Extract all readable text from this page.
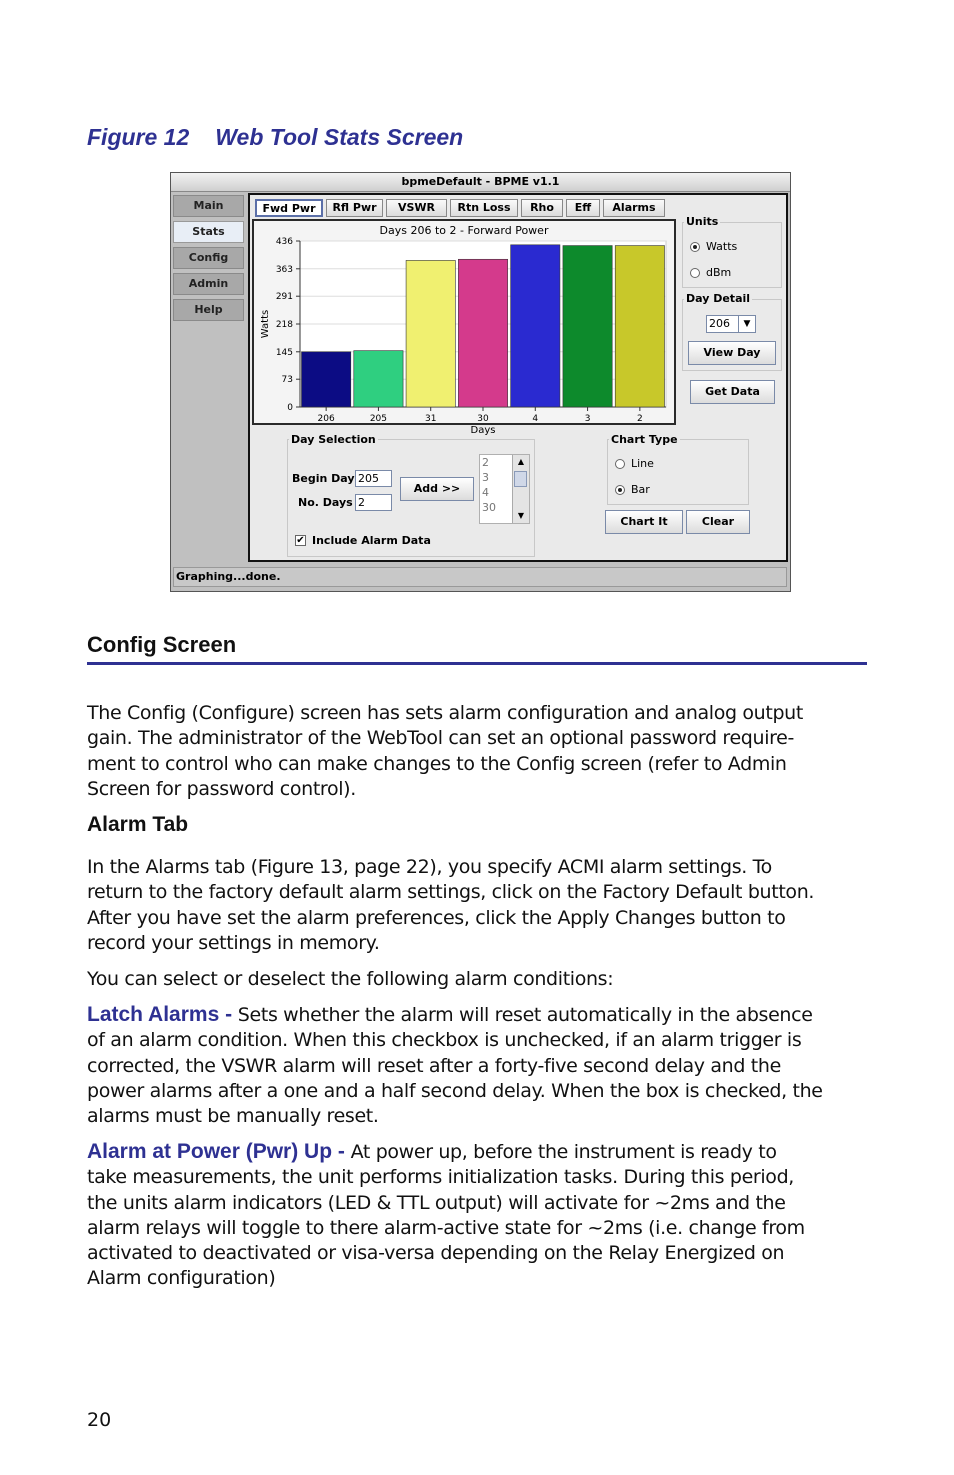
Figure 12 Web Tool Stats Screen
bpmeDefault - BPME v1.1
Main
Stats
Config
Admin
Help
Fwd Pwr	Rfl Pwr	VSWR	Rtn Loss	Rho	Eff	Alarms
Days 206 to 2 - Forward Power
0
73
145
218
291
363
436
206	205	31	30	4	3	2
Days
Watts
Units
Watts
dBm
Day Detail
206	▼
View Day
Get Data
Day Selection
Begin Day 205
No. Days 2
Add >>
2
3
4
30
▲
▼
✔ Include Alarm Data
Chart Type
Line
Bar
Chart It	Clear
Graphing...done.
Config Screen
The Config (Configure) screen has sets alarm configuration and analog output
gain. The administrator of the WebTool can set an optional password require-
ment to control who can make changes to the Config screen (refer to Admin
Screen for password control).
Alarm Tab
In the Alarms tab (Figure 13, page 22), you specify ACMI alarm settings. To
return to the factory default alarm settings, click on the Factory Default button.
After you have set the alarm preferences, click the Apply Changes button to
record your settings in memory.
You can select or deselect the following alarm conditions:
Latch Alarms - Sets whether the alarm will reset automatically in the absence
of an alarm condition. When this checkbox is unchecked, if an alarm trigger is
corrected, the VSWR alarm will reset after a forty-five second delay and the
power alarms after a one and a half second delay. When the box is checked, the
alarms must be manually reset.
Alarm at Power (Pwr) Up - At power up, before the instrument is ready to
take measurements, the unit performs initialization tasks. During this period,
the units alarm indicators (LED & TTL output) will activate for ~2ms and the
alarm relays will toggle to there alarm-active state for ~2ms (i.e. change from
activated to deactivated or visa-versa depending on the Relay Energized on
Alarm configuration)
20
